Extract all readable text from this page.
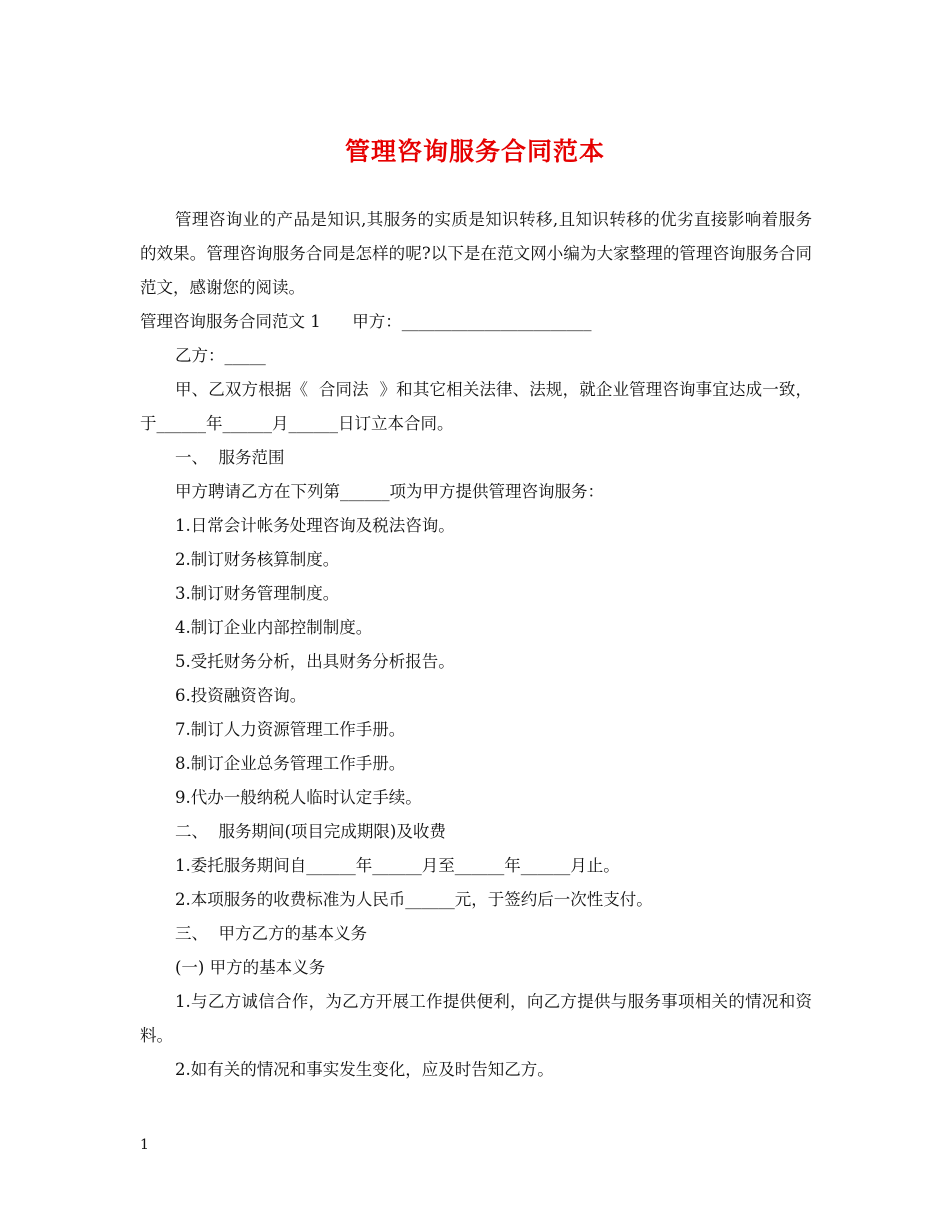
管理咨询服务合同范本

管理咨询业的产品是知识,其服务的实质是知识转移,且知识转移的优劣直接影响着服务的效果。管理咨询服务合同是怎样的呢?以下是在范文网小编为大家整理的管理咨询服务合同范文，感谢您的阅读。

管理咨询服务合同范文 1      甲方：_______________________

乙方：_____

甲、乙双方根据《  合同法  》和其它相关法律、法规，就企业管理咨询事宜达成一致，于______年______月______日订立本合同。

一、  服务范围

甲方聘请乙方在下列第______项为甲方提供管理咨询服务：

1.日常会计帐务处理咨询及税法咨询。

2.制订财务核算制度。

3.制订财务管理制度。

4.制订企业内部控制制度。

5.受托财务分析，出具财务分析报告。

6.投资融资咨询。

7.制订人力资源管理工作手册。

8.制订企业总务管理工作手册。

9.代办一般纳税人临时认定手续。

二、  服务期间(项目完成期限)及收费

1.委托服务期间自______年______月至______年______月止。

2.本项服务的收费标准为人民币______元，于签约后一次性支付。

三、  甲方乙方的基本义务

(一) 甲方的基本义务

1.与乙方诚信合作，为乙方开展工作提供便利，向乙方提供与服务事项相关的情况和资料。

2.如有关的情况和事实发生变化，应及时告知乙方。

1
